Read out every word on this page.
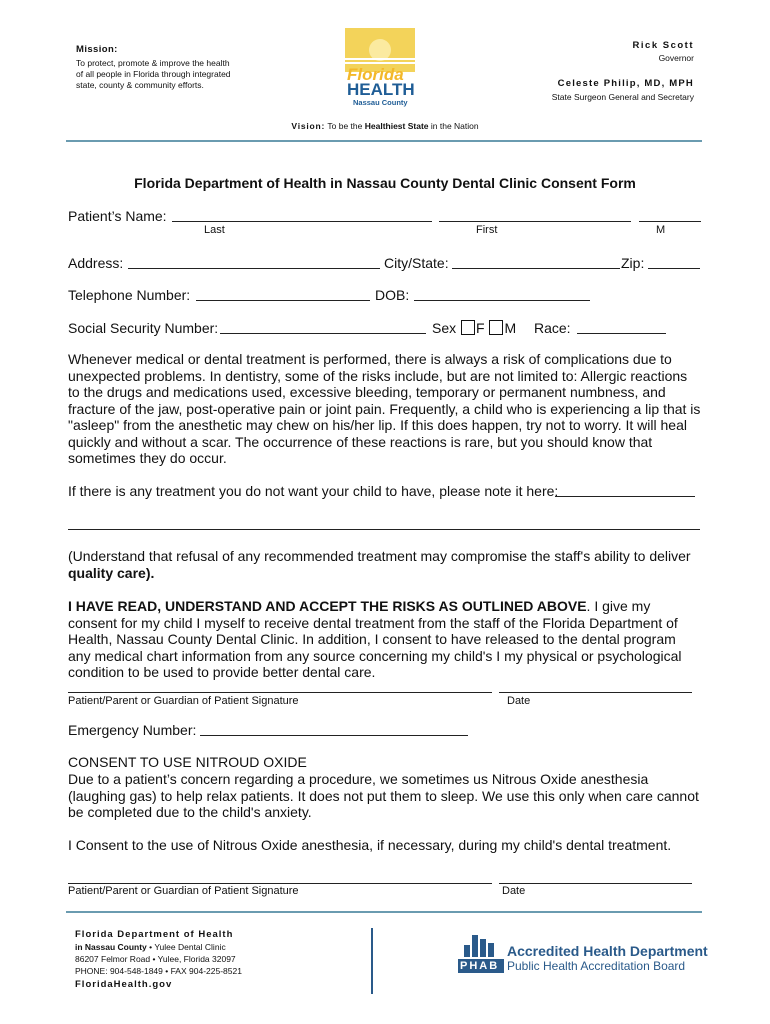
Mission:
To protect, promote & improve the health of all people in Florida through integrated state, county & community efforts.
Florida
HEALTH
Nassau County
Rick Scott
Governor
Celeste Philip, MD, MPH
State Surgeon General and Secretary
Vision: To be the Healthiest State in the Nation
Florida Department of Health in Nassau County Dental Clinic Consent Form
Patient’s Name:
Last	First	M
Address:	City/State:	Zip:
Telephone Number:	DOB:
Social Security Number:	Sex F M Race:
Whenever medical or dental treatment is performed, there is always a risk of complications due to unexpected problems. In dentistry, some of the risks include, but are not limited to: Allergic reactions to the drugs and medications used, excessive bleeding, temporary or permanent numbness, and fracture of the jaw, post-operative pain or joint pain. Frequently, a child who is experiencing a lip that is "asleep" from the anesthetic may chew on his/her lip. If this does happen, try not to worry. It will heal quickly and without a scar. The occurrence of these reactions is rare, but you should know that sometimes they do occur.
If there is any treatment you do not want your child to have, please note it here:
(Understand that refusal of any recommended treatment may compromise the staff's ability to deliver
quality care).
I HAVE READ, UNDERSTAND AND ACCEPT THE RISKS AS OUTLINED ABOVE. I give my consent for my child I myself to receive dental treatment from the staff of the Florida Department of Health, Nassau County Dental Clinic. In addition, I consent to have released to the dental program any medical chart information from any source concerning my child's I my physical or psychological condition to be used to provide better dental care.
Patient/Parent or Guardian of Patient Signature	Date
Emergency Number:
CONSENT TO USE NITROUD OXIDE
Due to a patient’s concern regarding a procedure, we sometimes us Nitrous Oxide anesthesia (laughing gas) to help relax patients. It does not put them to sleep. We use this only when care cannot be completed due to the child's anxiety.
I Consent to the use of Nitrous Oxide anesthesia, if necessary, during my child's dental treatment.
Patient/Parent or Guardian of Patient Signature	Date
Florida Department of Health
in Nassau County • Yulee Dental Clinic
86207 Felmor Road • Yulee, Florida 32097
PHONE: 904-548-1849 • FAX 904-225-8521
FloridaHealth.gov
PHAB
Accredited Health Department
Public Health Accreditation Board
